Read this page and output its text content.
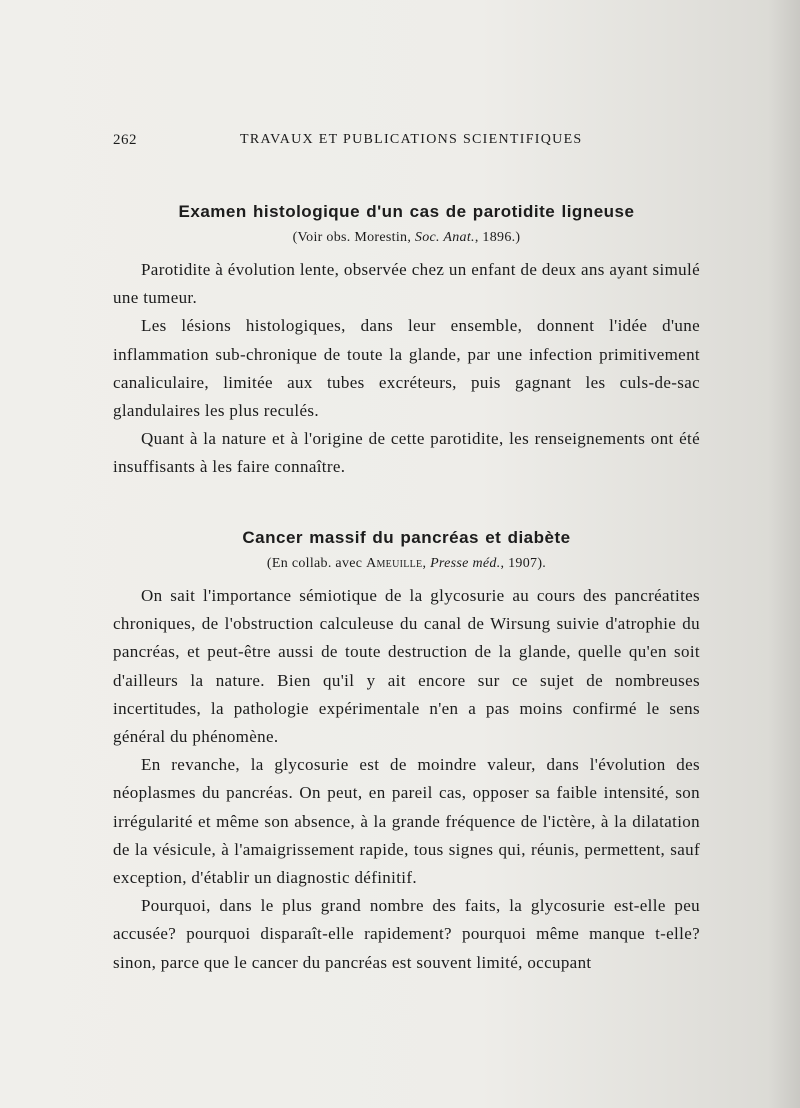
262	TRAVAUX ET PUBLICATIONS SCIENTIFIQUES
Examen histologique d'un cas de parotidite ligneuse

(Voir obs. Morestin, Soc. Anat., 1896.)

Parotidite à évolution lente, observée chez un enfant de deux ans ayant simulé une tumeur.

Les lésions histologiques, dans leur ensemble, donnent l'idée d'une inflammation sub-chronique de toute la glande, par une infection primitivement canaliculaire, limitée aux tubes excréteurs, puis gagnant les culs-de-sac glandulaires les plus reculés.

Quant à la nature et à l'origine de cette parotidite, les renseignements ont été insuffisants à les faire connaître.

Cancer massif du pancréas et diabète

(En collab. avec Ameuille, Presse méd., 1907).

On sait l'importance sémiotique de la glycosurie au cours des pancréatites chroniques, de l'obstruction calculeuse du canal de Wirsung suivie d'atrophie du pancréas, et peut-être aussi de toute destruction de la glande, quelle qu'en soit d'ailleurs la nature. Bien qu'il y ait encore sur ce sujet de nombreuses incertitudes, la pathologie expérimentale n'en a pas moins confirmé le sens général du phénomène.

En revanche, la glycosurie est de moindre valeur, dans l'évolution des néoplasmes du pancréas. On peut, en pareil cas, opposer sa faible intensité, son irrégularité et même son absence, à la grande fréquence de l'ictère, à la dilatation de la vésicule, à l'amaigrissement rapide, tous signes qui, réunis, permettent, sauf exception, d'établir un diagnostic définitif.

Pourquoi, dans le plus grand nombre des faits, la glycosurie est-elle peu accusée? pourquoi disparaît-elle rapidement? pourquoi même manque t-elle? sinon, parce que le cancer du pancréas est souvent limité, occupant
